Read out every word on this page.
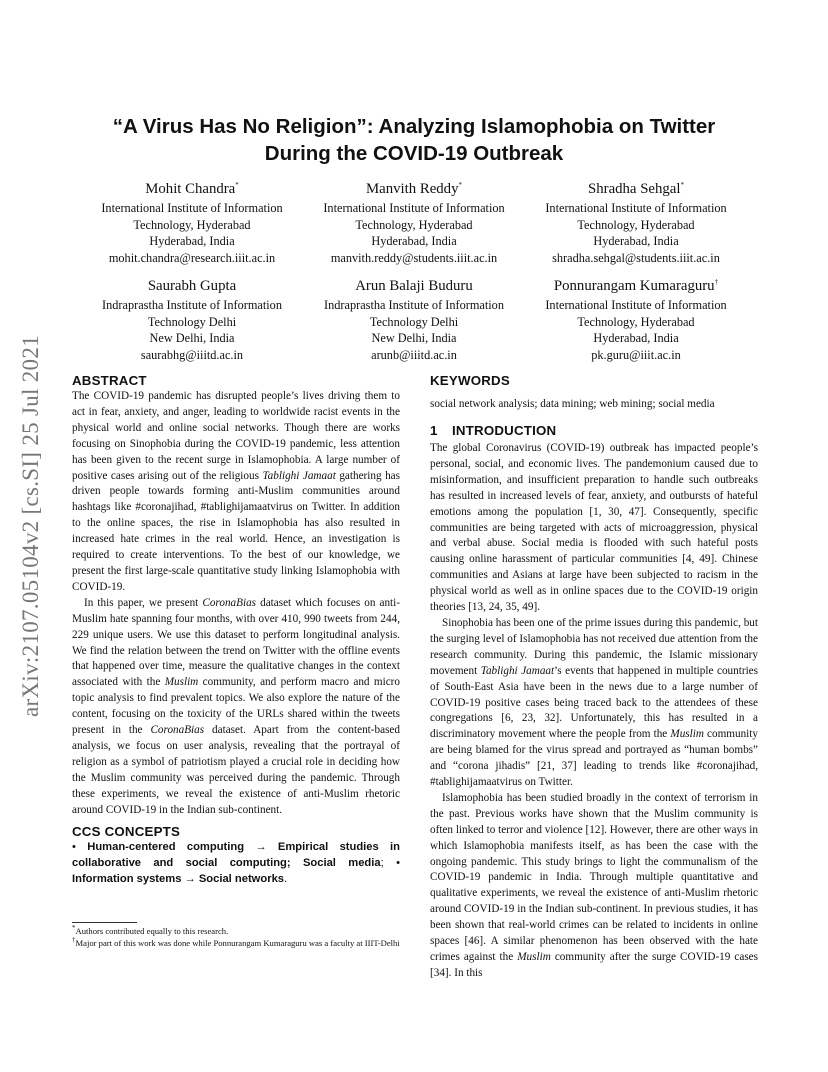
arXiv:2107.05104v2 [cs.SI] 25 Jul 2021
“A Virus Has No Religion”: Analyzing Islamophobia on Twitter
During the COVID-19 Outbreak
Mohit Chandra*
International Institute of Information
Technology, Hyderabad
Hyderabad, India
mohit.chandra@research.iiit.ac.in
Manvith Reddy*
International Institute of Information
Technology, Hyderabad
Hyderabad, India
manvith.reddy@students.iiit.ac.in
Shradha Sehgal*
International Institute of Information
Technology, Hyderabad
Hyderabad, India
shradha.sehgal@students.iiit.ac.in
Saurabh Gupta
Indraprastha Institute of Information
Technology Delhi
New Delhi, India
saurabhg@iiitd.ac.in
Arun Balaji Buduru
Indraprastha Institute of Information
Technology Delhi
New Delhi, India
arunb@iiitd.ac.in
Ponnurangam Kumaraguru†
International Institute of Information
Technology, Hyderabad
Hyderabad, India
pk.guru@iiit.ac.in
ABSTRACT

The COVID-19 pandemic has disrupted people’s lives driving them to act in fear, anxiety, and anger, leading to worldwide racist events in the physical world and online social networks. Though there are works focusing on Sinophobia during the COVID-19 pandemic, less attention has been given to the recent surge in Islamophobia. A large number of positive cases arising out of the religious Tablighi Jamaat gathering has driven people towards forming anti-Muslim communities around hashtags like #coronajihad, #tablighijamaatvirus on Twitter. In addition to the online spaces, the rise in Islamophobia has also resulted in increased hate crimes in the real world. Hence, an investigation is required to create interventions. To the best of our knowledge, we present the first large-scale quantitative study linking Islamophobia with COVID-19.

In this paper, we present CoronaBias dataset which focuses on anti-Muslim hate spanning four months, with over 410, 990 tweets from 244, 229 unique users. We use this dataset to perform longitudinal analysis. We find the relation between the trend on Twitter with the offline events that happened over time, measure the qualitative changes in the context associated with the Muslim community, and perform macro and micro topic analysis to find prevalent topics. We also explore the nature of the content, focusing on the toxicity of the URLs shared within the tweets present in the CoronaBias dataset. Apart from the content-based analysis, we focus on user analysis, revealing that the portrayal of religion as a symbol of patriotism played a crucial role in deciding how the Muslim community was perceived during the pandemic. Through these experiments, we reveal the existence of anti-Muslim rhetoric around COVID-19 in the Indian sub-continent.

CCS CONCEPTS
• Human-centered computing → Empirical studies in collaborative and social computing; Social media; • Information systems → Social networks.
*Authors contributed equally to this research.
†Major part of this work was done while Ponnurangam Kumaraguru was a faculty at IIIT-Delhi
KEYWORDS

social network analysis; data mining; web mining; social media

1 INTRODUCTION

The global Coronavirus (COVID-19) outbreak has impacted people’s personal, social, and economic lives. The pandemonium caused due to misinformation, and insufficient preparation to handle such outbreaks has resulted in increased levels of fear, anxiety, and outbursts of hateful emotions among the population [1, 30, 47]. Consequently, specific communities are being targeted with acts of microaggression, physical and verbal abuse. Social media is flooded with such hateful posts causing online harassment of particular communities [4, 49]. Chinese communities and Asians at large have been subjected to racism in the physical world as well as in online spaces due to the COVID-19 origin theories [13, 24, 35, 49].

Sinophobia has been one of the prime issues during this pandemic, but the surging level of Islamophobia has not received due attention from the research community. During this pandemic, the Islamic missionary movement Tablighi Jamaat’s events that happened in multiple countries of South-East Asia have been in the news due to a large number of COVID-19 positive cases being traced back to the attendees of these congregations [6, 23, 32]. Unfortunately, this has resulted in a discriminatory movement where the people from the Muslim community are being blamed for the virus spread and portrayed as “human bombs” and “corona jihadis” [21, 37] leading to trends like #coronajihad, #tablighijamaatvirus on Twitter.

Islamophobia has been studied broadly in the context of terrorism in the past. Previous works have shown that the Muslim community is often linked to terror and violence [12]. However, there are other ways in which Islamophobia manifests itself, as has been the case with the ongoing pandemic. This study brings to light the communalism of the COVID-19 pandemic in India. Through multiple quantitative and qualitative experiments, we reveal the existence of anti-Muslim rhetoric around COVID-19 in the Indian sub-continent. In previous studies, it has been shown that real-world crimes can be related to incidents in online spaces [46]. A similar phenomenon has been observed with the hate crimes against the Muslim community after the surge COVID-19 cases [34]. In this
